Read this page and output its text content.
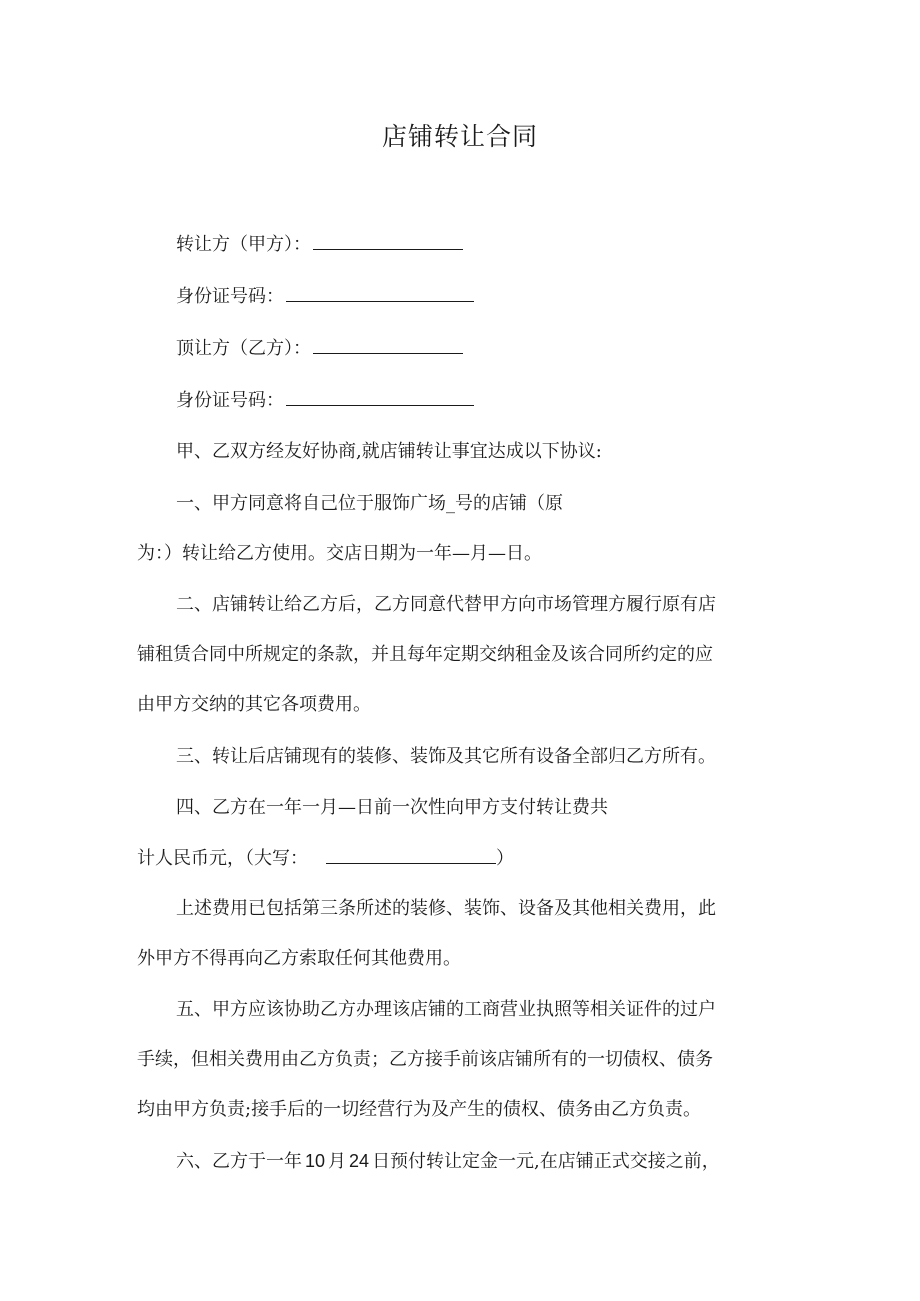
店铺转让合同
转让方（甲方）：
身份证号码：
顶让方（乙方）：
身份证号码：
甲、乙双方经友好协商,就店铺转让事宜达成以下协议:
一、甲方同意将自己位于服饰广场_号的店铺（原
为：）转让给乙方使用。交店日期为一年—月—日。
二、店铺转让给乙方后，乙方同意代替甲方向市场管理方履行原有店
铺租赁合同中所规定的条款，并且每年定期交纳租金及该合同所约定的应
由甲方交纳的其它各项费用。
三、转让后店铺现有的装修、装饰及其它所有设备全部归乙方所有。
四、乙方在一年一月—日前一次性向甲方支付转让费共
计人民币元，（大写：	）
上述费用已包括第三条所述的装修、装饰、设备及其他相关费用，此
外甲方不得再向乙方索取任何其他费用。
五、甲方应该协助乙方办理该店铺的工商营业执照等相关证件的过户
手续，但相关费用由乙方负责；乙方接手前该店铺所有的一切债权、债务
均由甲方负责;接手后的一切经营行为及产生的债权、债务由乙方负责。
六、乙方于一年 10 月 24 日预付转让定金一元,在店铺正式交接之前，
